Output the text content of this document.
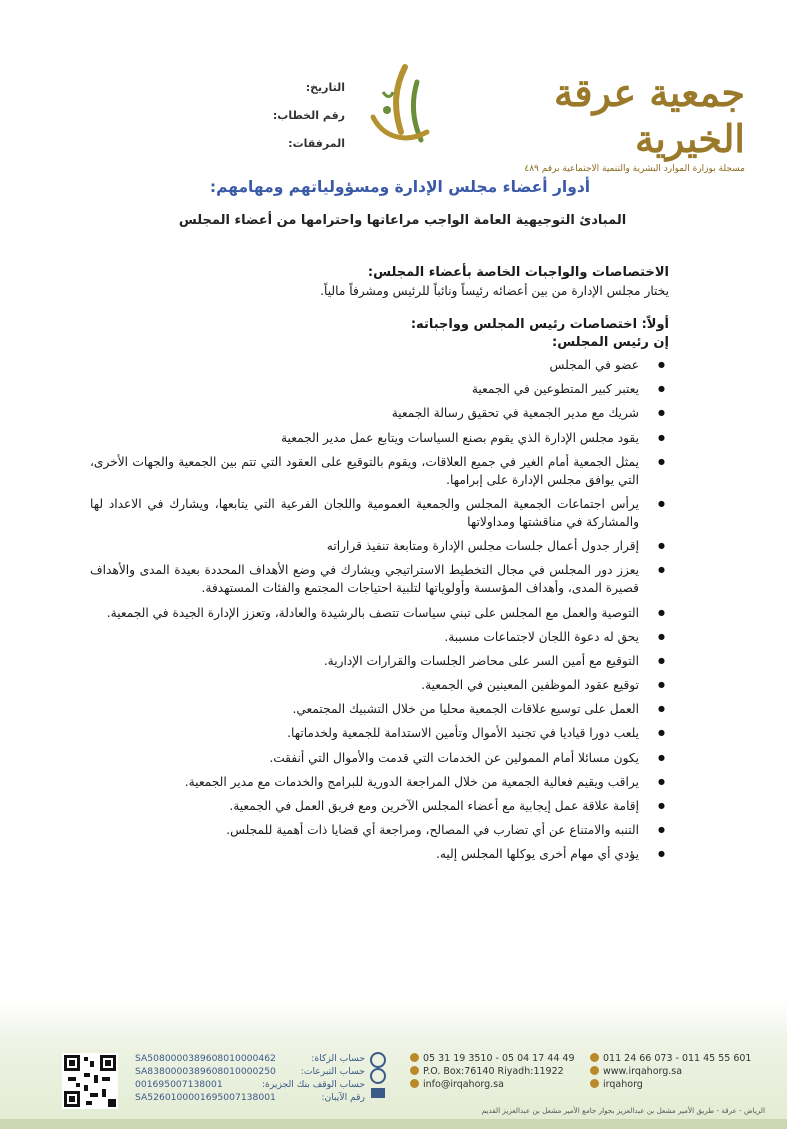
جمعية عرقة الخيرية
مسجلة بوزارة الموارد البشرية والتنمية الاجتماعية برقم ٤٨٩
التاريخ:
رقم الخطاب:
المرفقات:
أدوار أعضاء مجلس الإدارة ومسؤولياتهم ومهامهم:
المبادئ التوجيهية العامة الواجب مراعاتها واحترامها من أعضاء المجلس

الاختصاصات والواجبات الخاصة بأعضاء المجلس:

يختار مجلس الإدارة من بين أعضائه رئيساً ونائباً للرئيس ومشرفاً مالياً.

أولاً: اختصاصات رئيس المجلس وواجباته:

إن رئيس المجلس:

● عضو في المجلس
● يعتبر كبير المتطوعين في الجمعية
● شريك مع مدير الجمعية في تحقيق رسالة الجمعية
● يقود مجلس الإدارة الذي يقوم بصنع السياسات ويتابع عمل مدير الجمعية
● يمثل الجمعية أمام الغير في جميع العلاقات، ويقوم بالتوقيع على العقود التي تتم بين الجمعية والجهات الأخرى، التي يوافق مجلس الإدارة على إبرامها.
● يرأس اجتماعات الجمعية المجلس والجمعية العمومية واللجان الفرعية التي يتابعها، ويشارك في الاعداد لها والمشاركة في مناقشتها ومداولاتها
● إقرار جدول أعمال جلسات مجلس الإدارة ومتابعة تنفيذ قراراته
● يعزز دور المجلس في مجال التخطيط الاستراتيجي ويشارك في وضع الأهداف المحددة بعيدة المدى والأهداف قصيرة المدى، وأهداف المؤسسة وأولوياتها لتلبية احتياجات المجتمع والفئات المستهدفة.
● التوصية والعمل مع المجلس على تبني سياسات تتصف بالرشيدة والعادلة، وتعزز الإدارة الجيدة في الجمعية.
● يحق له دعوة اللجان لاجتماعات مسببة.
● التوقيع مع أمين السر على محاضر الجلسات والقرارات الإدارية.
● توقيع عقود الموظفين المعينين في الجمعية.
● العمل على توسيع علاقات الجمعية محليا من خلال التشبيك المجتمعي.
● يلعب دورا قياديا في تجنيد الأموال وتأمين الاستدامة للجمعية ولخدماتها.
● يكون مسائلا أمام الممولين عن الخدمات التي قدمت والأموال التي أنفقت.
● يراقب ويقيم فعالية الجمعية من خلال المراجعة الدورية للبرامج والخدمات مع مدير الجمعية.
● إقامة علاقة عمل إيجابية مع أعضاء المجلس الآخرين ومع فريق العمل في الجمعية.
● التنبه والامتناع عن أي تضارب في المصالح، ومراجعة أي قضايا ذات أهمية للمجلس.
● يؤدي أي مهام أخرى يوكلها المجلس إليه.
SA5080000389608010000462	حساب الزكاة:
SA8380000389608010000250	حساب التبرعات:
001695007138001	حساب الوقف بنك الجزيرة:
SA5260100001695007138001	رقم الآيبان:
05 31 19 3510 - 05 04 17 44 49
P.O. Box:76140 Riyadh:11922
info@irqahorg.sa
011 24 66 073 - 011 45 55 601
www.irqahorg.sa
irqahorg
الرياض - عرقة - طريق الأمير مشعل بن عبدالعزيز بجوار جامع الأمير مشعل بن عبدالعزيز القديم
